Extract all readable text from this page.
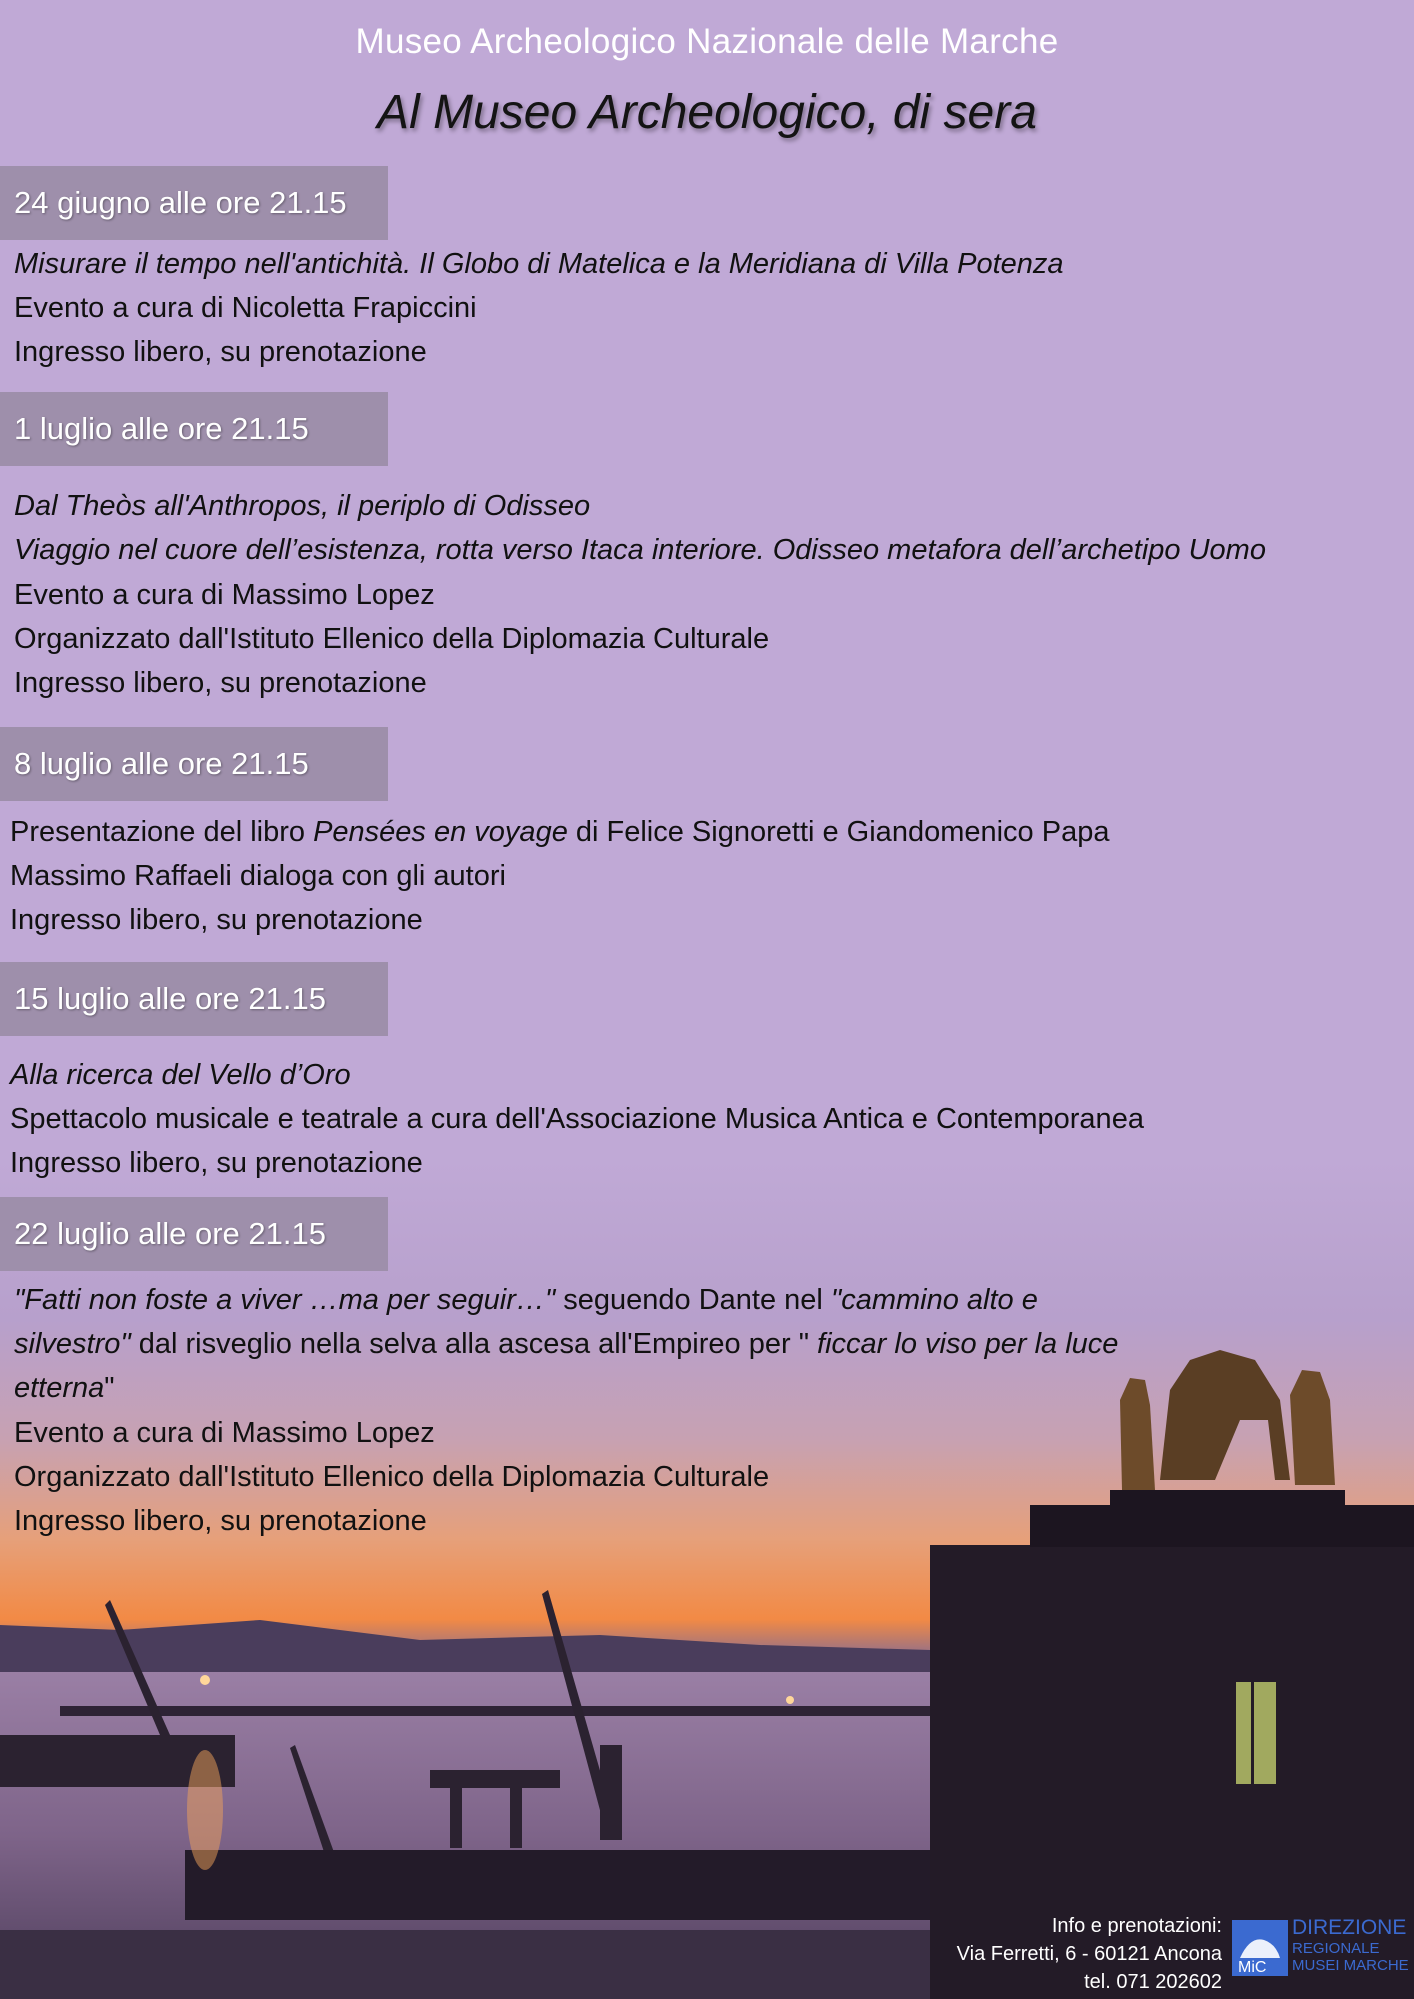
Museo Archeologico Nazionale delle Marche
Al Museo Archeologico, di sera
24 giugno alle ore 21.15
Misurare il tempo nell'antichità. Il Globo di Matelica e la Meridiana di Villa Potenza
Evento a cura di Nicoletta Frapiccini
Ingresso libero, su prenotazione
1 luglio alle ore 21.15
Dal Theòs all'Anthropos, il periplo di Odisseo
Viaggio nel cuore dell’esistenza, rotta verso Itaca interiore. Odisseo metafora dell’archetipo Uomo
Evento a cura di Massimo Lopez
Organizzato dall'Istituto Ellenico della Diplomazia Culturale
Ingresso libero, su prenotazione
8 luglio alle ore 21.15
Presentazione del libro Pensées en voyage di Felice Signoretti e Giandomenico Papa
Massimo Raffaeli dialoga con gli autori
Ingresso libero, su prenotazione
15 luglio alle ore 21.15
Alla ricerca del Vello d’Oro
Spettacolo musicale e teatrale a cura dell'Associazione Musica Antica e Contemporanea
Ingresso libero, su prenotazione
22 luglio alle ore 21.15
"Fatti non foste a viver …ma per seguir…" seguendo Dante nel "cammino alto e silvestro" dal risveglio nella selva alla ascesa all'Empireo per " ficcar lo viso per la luce etterna"
Evento a cura di Massimo Lopez
Organizzato dall'Istituto Ellenico della Diplomazia Culturale
Ingresso libero, su prenotazione
Info e prenotazioni:
Via Ferretti, 6 - 60121 Ancona
tel. 071 202602
MiC
DIREZIONE
REGIONALE
MUSEI MARCHE
